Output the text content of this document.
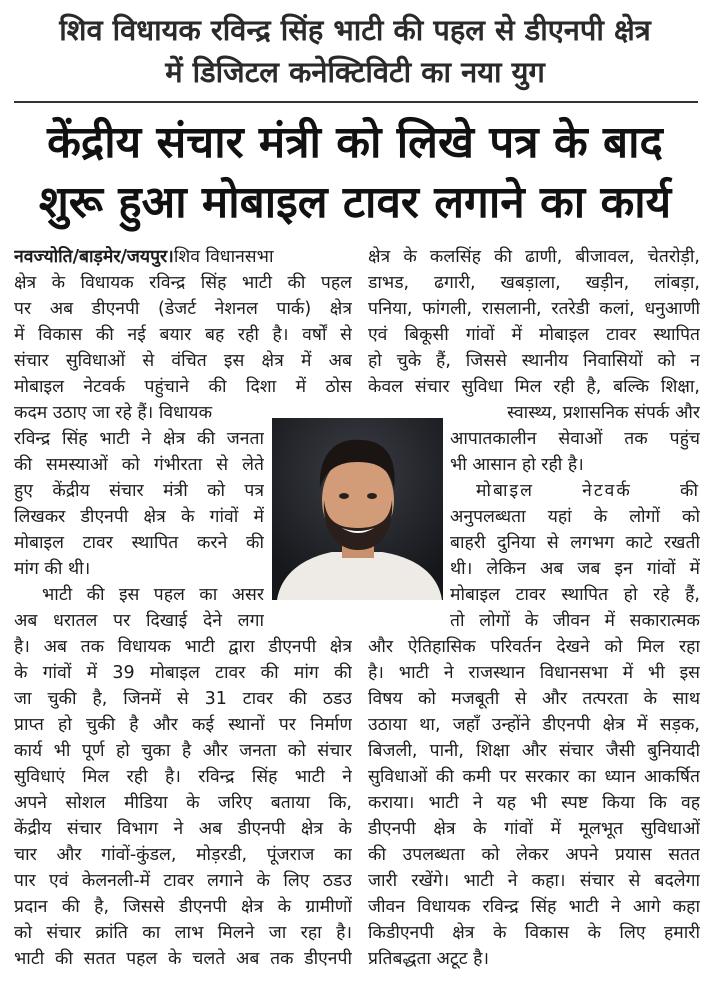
शिव विधायक रविन्द्र सिंह भाटी की पहल से डीएनपी क्षेत्र
में डिजिटल कनेक्टिविटी का नया युग
केंद्रीय संचार मंत्री को लिखे पत्र के बाद
शुरू हुआ मोबाइल टावर लगाने का कार्य
नवज्योति/बाड़मेर/जयपुर।शिव विधानसभा
क्षेत्र के विधायक रविन्द्र सिंह भाटी की पहल
पर अब डीएनपी (डेजर्ट नेशनल पार्क) क्षेत्र
में विकास की नई बयार बह रही है। वर्षों से
संचार सुविधाओं से वंचित इस क्षेत्र में अब
मोबाइल नेटवर्क पहुंचाने की दिशा में ठोस
कदम उठाए जा रहे हैं। विधायक
रविन्द्र सिंह भाटी ने क्षेत्र की जनता
की समस्याओं को गंभीरता से लेते
हुए केंद्रीय संचार मंत्री को पत्र
लिखकर डीएनपी क्षेत्र के गांवों में
मोबाइल टावर स्थापित करने की
मांग की थी।
भाटी की इस पहल का असर
अब धरातल पर दिखाई देने लगा
है। अब तक विधायक भाटी द्वारा डीएनपी क्षेत्र
के गांवों में 39 मोबाइल टावर की मांग की
जा चुकी है, जिनमें से 31 टावर की ठडउ
प्राप्त हो चुकी है और कई स्थानों पर निर्माण
कार्य भी पूर्ण हो चुका है और जनता को संचार
सुविधाएं मिल रही है। रविन्द्र सिंह भाटी ने
अपने सोशल मीडिया के जरिए बताया कि,
केंद्रीय संचार विभाग ने अब डीएनपी क्षेत्र के
चार और गांवों-कुंडल, मोड़रडी, पूंजराज का
पार एवं केलनली-में टावर लगाने के लिए ठडउ
प्रदान की है, जिससे डीएनपी क्षेत्र के ग्रामीणों
को संचार क्रांति का लाभ मिलने जा रहा है।
भाटी की सतत पहल के चलते अब तक डीएनपी
क्षेत्र के कलसिंह की ढाणी, बीजावल, चेतरोड़ी,
डाभड, ढगारी, खबड़ाला, खड़ीन, लांबड़ा,
पनिया, फांगली, रासलानी, रतरेडी कलां, धनुआणी
एवं बिकूसी गांवों में मोबाइल टावर स्थापित
हो चुके हैं, जिससे स्थानीय निवासियों को न
केवल संचार सुविधा मिल रही है, बल्कि शिक्षा,
स्वास्थ्य, प्रशासनिक संपर्क और
आपातकालीन सेवाओं तक पहुंच
भी आसान हो रही है।
मोबाइल नेटवर्क की
अनुपलब्धता यहां के लोगों को
बाहरी दुनिया से लगभग काटे रखती
थी। लेकिन अब जब इन गांवों में
मोबाइल टावर स्थापित हो रहे हैं,
तो लोगों के जीवन में सकारात्मक
और ऐतिहासिक परिवर्तन देखने को मिल रहा
है। भाटी ने राजस्थान विधानसभा में भी इस
विषय को मजबूती से और तत्परता के साथ
उठाया था, जहाँ उन्होंने डीएनपी क्षेत्र में सड़क,
बिजली, पानी, शिक्षा और संचार जैसी बुनियादी
सुविधाओं की कमी पर सरकार का ध्यान आकर्षित
कराया। भाटी ने यह भी स्पष्ट किया कि वह
डीएनपी क्षेत्र के गांवों में मूलभूत सुविधाओं
की उपलब्धता को लेकर अपने प्रयास सतत
जारी रखेंगे। भाटी ने कहा। संचार से बदलेगा
जीवन विधायक रविन्द्र सिंह भाटी ने आगे कहा
किडीएनपी क्षेत्र के विकास के लिए हमारी
प्रतिबद्धता अटूट है।
